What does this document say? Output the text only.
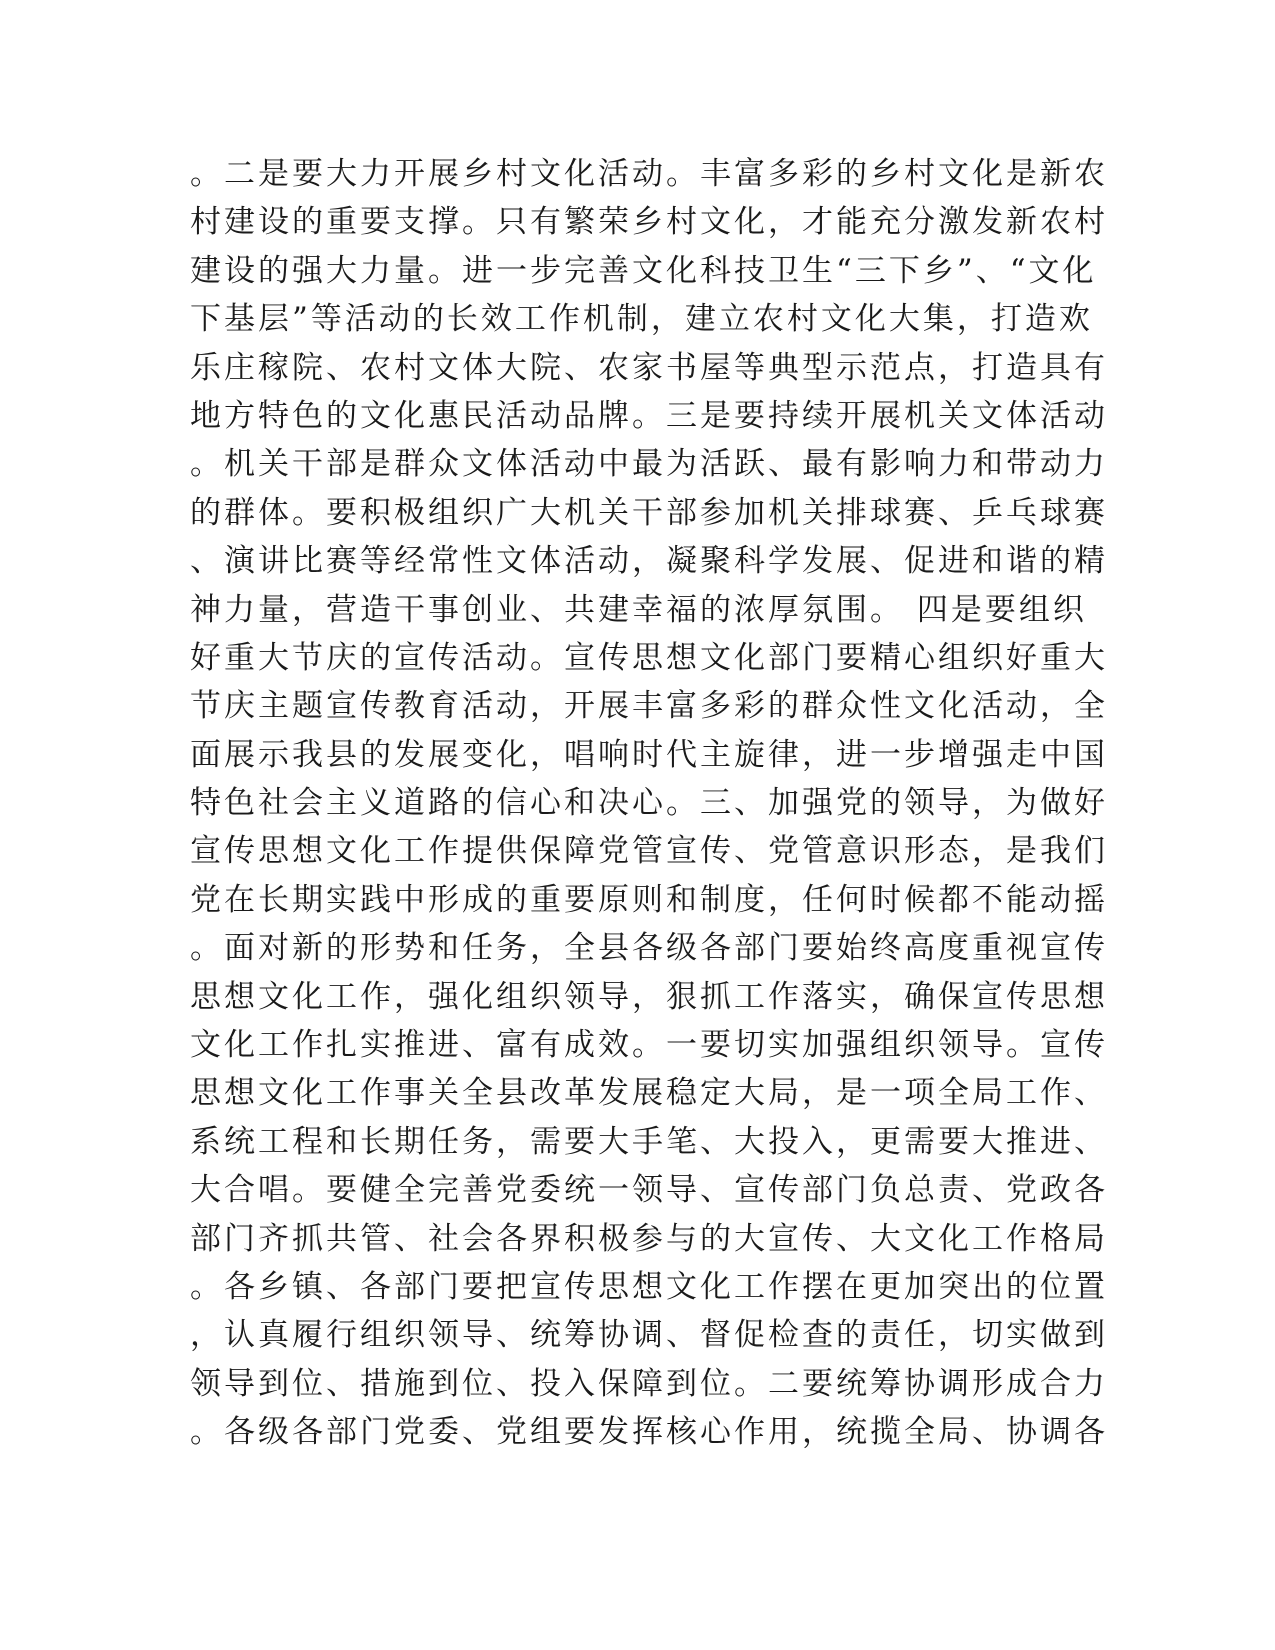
。二是要大力开展乡村文化活动。丰富多彩的乡村文化是新农
村建设的重要支撑。只有繁荣乡村文化，才能充分激发新农村
建设的强大力量。进一步完善文化科技卫生“三下乡”、“文化
下基层”等活动的长效工作机制，建立农村文化大集，打造欢
乐庄稼院、农村文体大院、农家书屋等典型示范点，打造具有
地方特色的文化惠民活动品牌。三是要持续开展机关文体活动
。机关干部是群众文体活动中最为活跃、最有影响力和带动力
的群体。要积极组织广大机关干部参加机关排球赛、乒乓球赛
、演讲比赛等经常性文体活动，凝聚科学发展、促进和谐的精
神力量，营造干事创业、共建幸福的浓厚氛围。 四是要组织
好重大节庆的宣传活动。宣传思想文化部门要精心组织好重大
节庆主题宣传教育活动，开展丰富多彩的群众性文化活动，全
面展示我县的发展变化，唱响时代主旋律，进一步增强走中国
特色社会主义道路的信心和决心。三、加强党的领导，为做好
宣传思想文化工作提供保障党管宣传、党管意识形态，是我们
党在长期实践中形成的重要原则和制度，任何时候都不能动摇
。面对新的形势和任务，全县各级各部门要始终高度重视宣传
思想文化工作，强化组织领导，狠抓工作落实，确保宣传思想
文化工作扎实推进、富有成效。一要切实加强组织领导。宣传
思想文化工作事关全县改革发展稳定大局，是一项全局工作、
系统工程和长期任务，需要大手笔、大投入，更需要大推进、
大合唱。要健全完善党委统一领导、宣传部门负总责、党政各
部门齐抓共管、社会各界积极参与的大宣传、大文化工作格局
。各乡镇、各部门要把宣传思想文化工作摆在更加突出的位置
，认真履行组织领导、统筹协调、督促检查的责任，切实做到
领导到位、措施到位、投入保障到位。二要统筹协调形成合力
。各级各部门党委、党组要发挥核心作用，统揽全局、协调各
